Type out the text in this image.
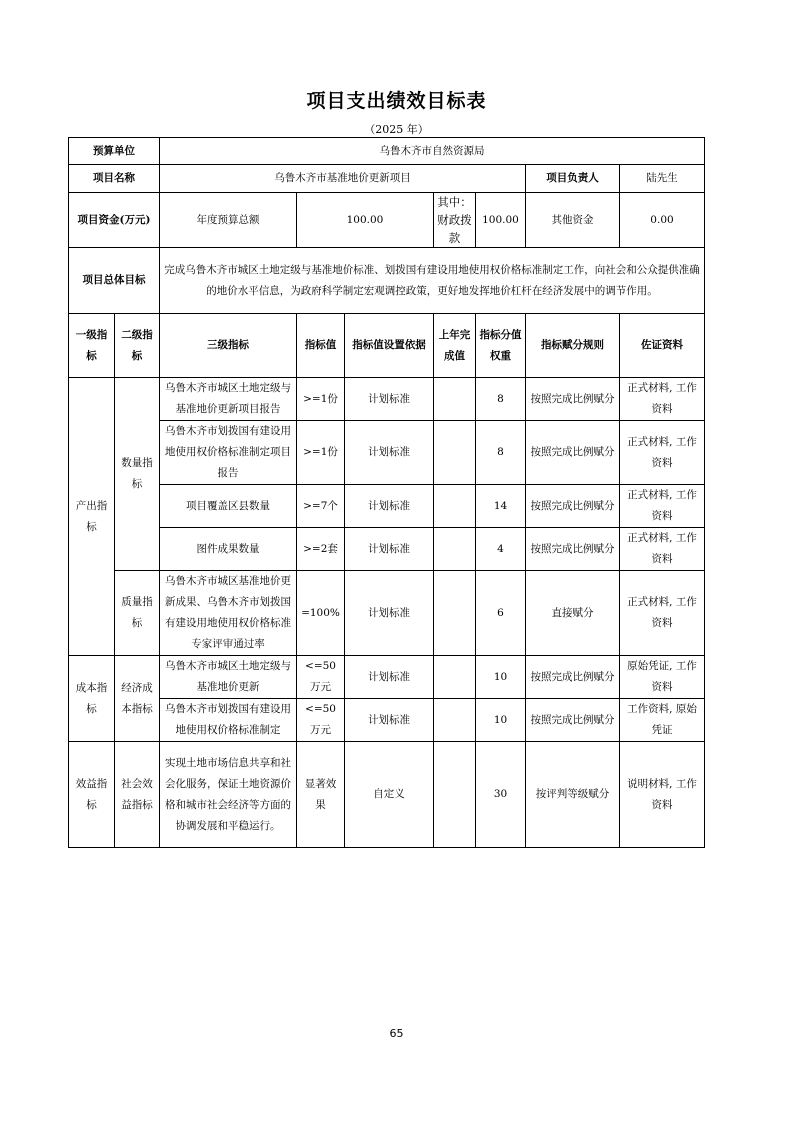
项目支出绩效目标表
（2025 年）
预算单位		乌鲁木齐市自然资源局						
项目名称		乌鲁木齐市基准地价更新项目					项目负责人	陆先生
项目资金(万元)		年度预算总额	100.00		其中：财政拨款	100.00	其他资金	0.00
项目总体目标		完成乌鲁木齐市城区土地定级与基准地价标准、划拨国有建设用地使用权价格标准制定工作，向社会和公众提供准确的地价水平信息，为政府科学制定宏观调控政策，更好地发挥地价杠杆在经济发展中的调节作用。						
一级指标	二级指标	三级指标	指标值	指标值设置依据	上年完成值	指标分值权重	指标赋分规则	佐证资料
产出指标	数量指标	乌鲁木齐市城区土地定级与基准地价更新项目报告	>=1份	计划标准		8	按照完成比例赋分	正式材料, 工作资料
		乌鲁木齐市划拨国有建设用地使用权价格标准制定项目报告	>=1份	计划标准		8	按照完成比例赋分	正式材料, 工作资料
		项目覆盖区县数量	>=7个	计划标准		14	按照完成比例赋分	正式材料, 工作资料
		图件成果数量	>=2套	计划标准		4	按照完成比例赋分	正式材料, 工作资料
	质量指标	乌鲁木齐市城区基准地价更新成果、乌鲁木齐市划拨国有建设用地使用权价格标准专家评审通过率	=100%	计划标准		6	直接赋分	正式材料, 工作资料
成本指标	经济成本指标	乌鲁木齐市城区土地定级与基准地价更新	<=50万元	计划标准		10	按照完成比例赋分	原始凭证, 工作资料
		乌鲁木齐市划拨国有建设用地使用权价格标准制定	<=50万元	计划标准		10	按照完成比例赋分	工作资料, 原始凭证
效益指标	社会效益指标	实现土地市场信息共享和社会化服务，保证土地资源价格和城市社会经济等方面的协调发展和平稳运行。	显著效果	自定义		30	按评判等级赋分	说明材料, 工作资料
65
